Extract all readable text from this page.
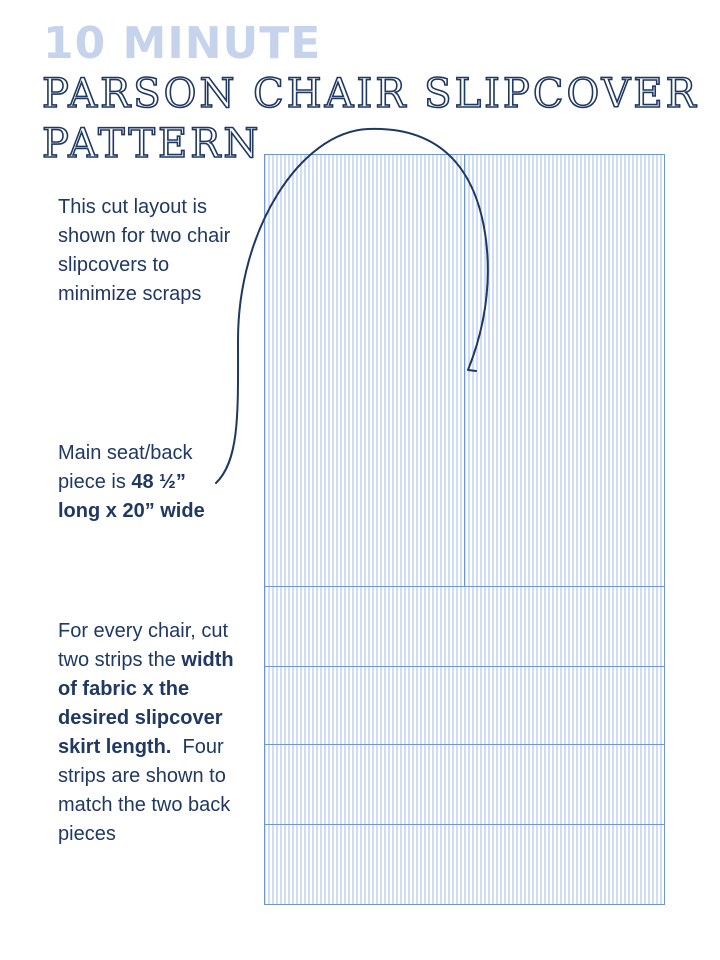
10 MINUTE
PARSON CHAIR SLIPCOVER
PATTERN

This cut layout is shown for two chair slipcovers to minimize scraps

Main seat/back piece is 48 ½” long x 20” wide

For every chair, cut two strips the width of fabric x the desired slipcover skirt length. Four strips are shown to match the two back pieces
